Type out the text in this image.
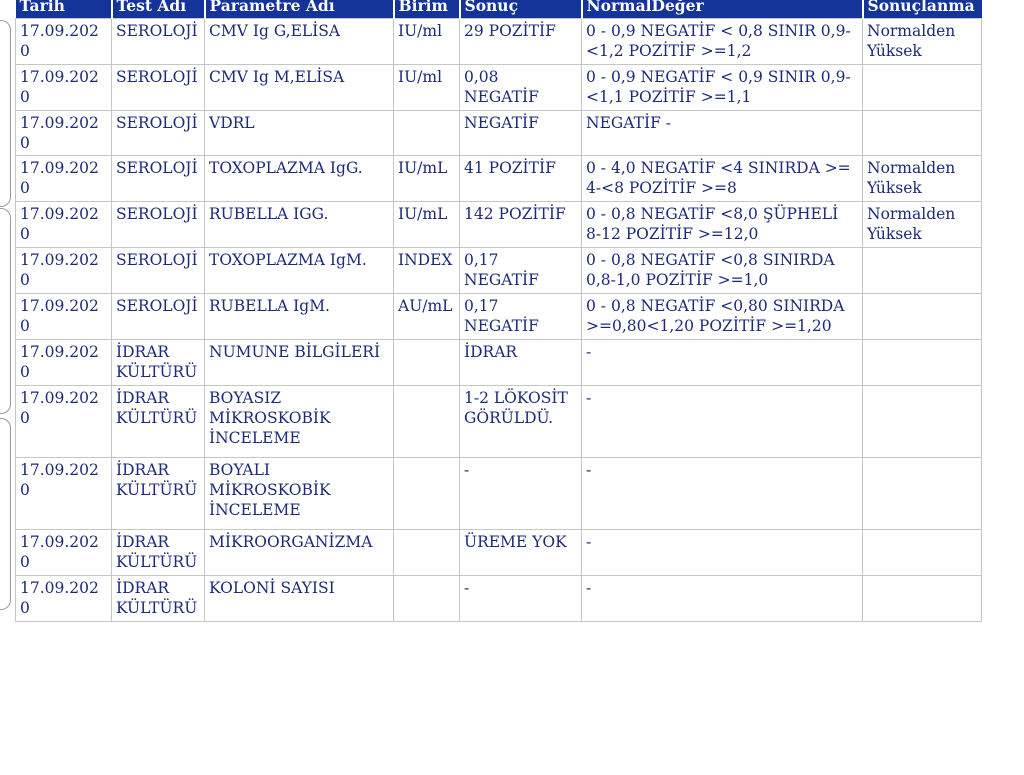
Tarih	Test Adı	Parametre Adı	Birim	Sonuç	NormalDeğer	Sonuçlanma
17.09.2020	SEROLOJİ	CMV Ig G,ELİSA	IU/ml	29 POZİTİF	0 - 0,9 NEGATİF < 0,8 SINIR 0,9-<1,2 POZİTİF >=1,2	Normalden Yüksek
17.09.2020	SEROLOJİ	CMV Ig M,ELİSA	IU/ml	0,08 NEGATİF	0 - 0,9 NEGATİF < 0,9 SINIR 0,9-<1,1 POZİTİF >=1,1	
17.09.2020	SEROLOJİ	VDRL		NEGATİF	NEGATİF -	
17.09.2020	SEROLOJİ	TOXOPLAZMA IgG.	IU/mL	41 POZİTİF	0 - 4,0 NEGATİF <4 SINIRDA >= 4-<8 POZİTİF >=8	Normalden Yüksek
17.09.2020	SEROLOJİ	RUBELLA IGG.	IU/mL	142 POZİTİF	0 - 0,8 NEGATİF <8,0 ŞÜPHELİ 8-12 POZİTİF >=12,0	Normalden Yüksek
17.09.2020	SEROLOJİ	TOXOPLAZMA IgM.	INDEX	0,17 NEGATİF	0 - 0,8 NEGATİF <0,8 SINIRDA 0,8-1,0 POZİTİF >=1,0	
17.09.2020	SEROLOJİ	RUBELLA IgM.	AU/mL	0,17 NEGATİF	0 - 0,8 NEGATİF <0,80 SINIRDA >=0,80<1,20 POZİTİF >=1,20	
17.09.2020	İDRAR KÜLTÜRÜ	NUMUNE BİLGİLERİ		İDRAR	-	
17.09.2020	İDRAR KÜLTÜRÜ	BOYASIZ MİKROSKOBİK İNCELEME		1-2 LÖKOSİT GÖRÜLDÜ.	-	
17.09.2020	İDRAR KÜLTÜRÜ	BOYALI MİKROSKOBİK İNCELEME		-	-	
17.09.2020	İDRAR KÜLTÜRÜ	MİKROORGANİZMA		ÜREME YOK	-	
17.09.2020	İDRAR KÜLTÜRÜ	KOLONİ SAYISI		-	-	
